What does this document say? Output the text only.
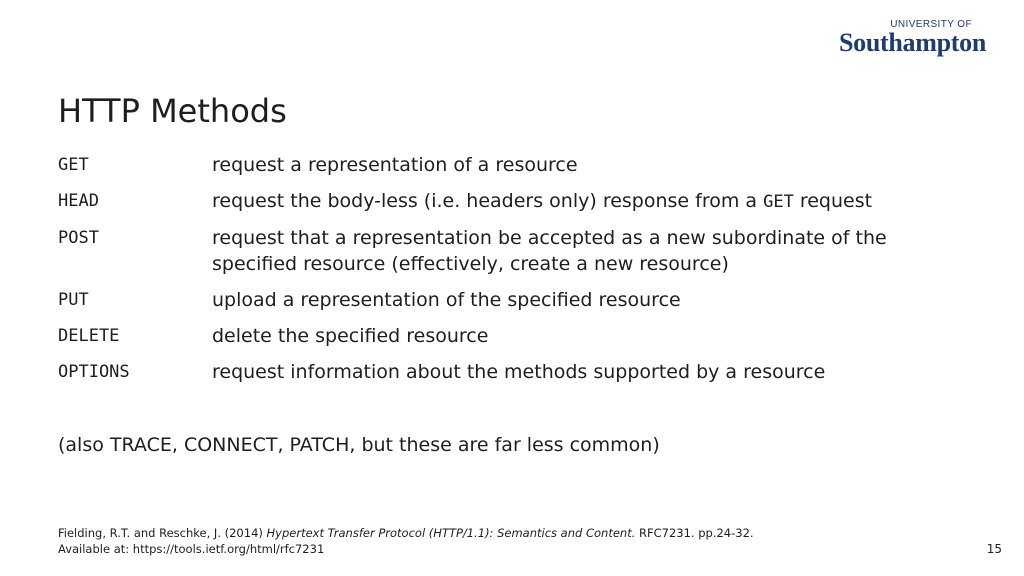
UNIVERSITY OF
Southampton
HTTP Methods
GET	request a representation of a resource
HEAD	request the body-less (i.e. headers only) response from a GET request
POST	request that a representation be accepted as a new subordinate of the specified resource (effectively, create a new resource)
PUT	upload a representation of the specified resource
DELETE	delete the specified resource
OPTIONS	request information about the methods supported by a resource
(also TRACE, CONNECT, PATCH, but these are far less common)
Fielding, R.T. and Reschke, J. (2014) Hypertext Transfer Protocol (HTTP/1.1): Semantics and Content. RFC7231. pp.24-32.
Available at: https://tools.ietf.org/html/rfc7231	15
